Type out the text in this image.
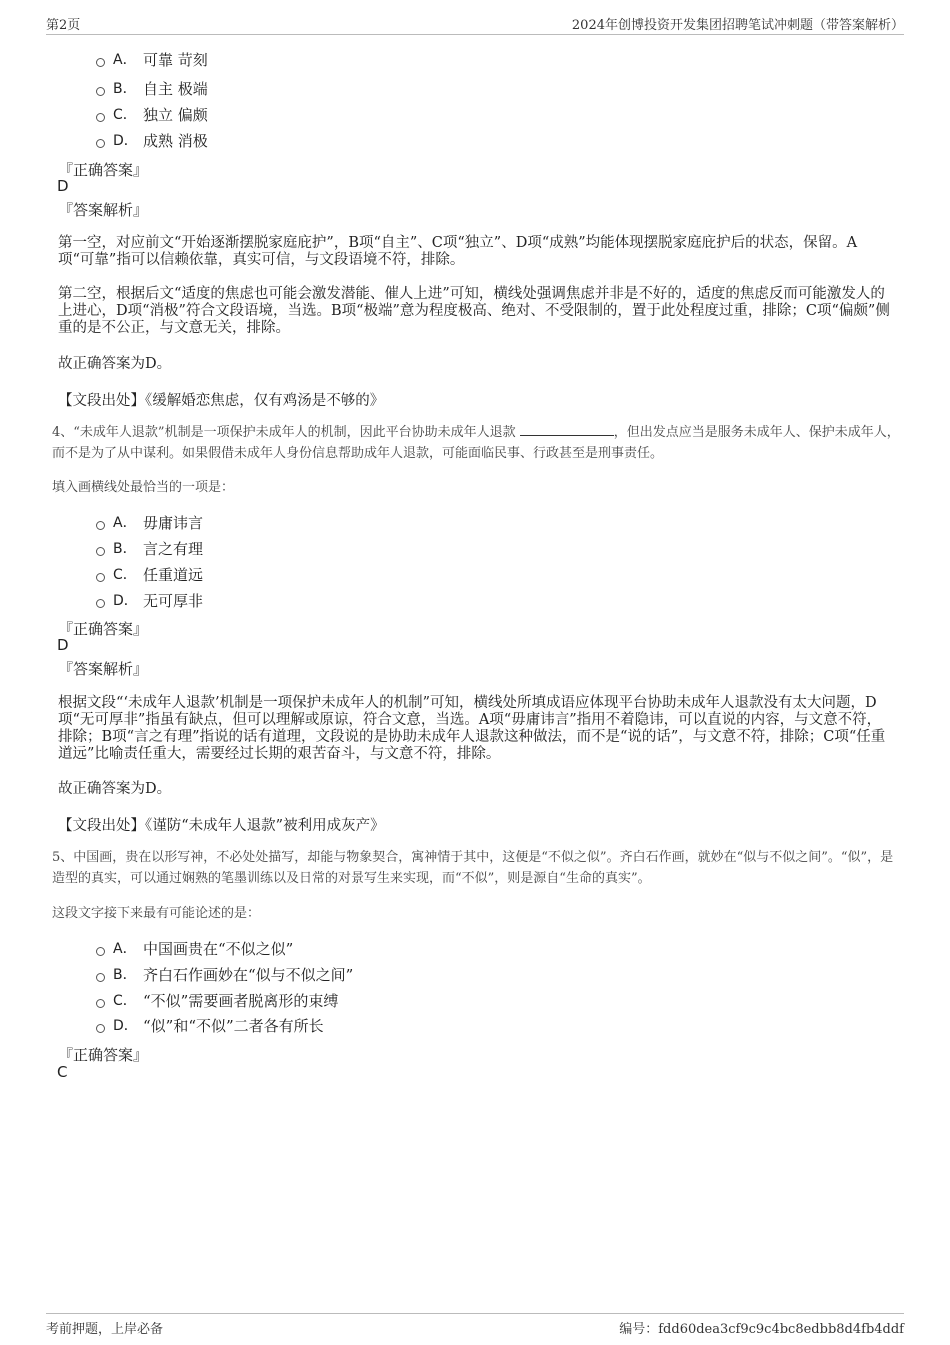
第2页	2024年创博投资开发集团招聘笔试冲刺题（带答案解析）
A． 可靠 苛刻
B． 自主 极端
C． 独立 偏颇
D． 成熟 消极
『正确答案』
D
『答案解析』
第一空，对应前文“开始逐渐摆脱家庭庇护”，B项“自主”、C项“独立”、D项“成熟”均能体现摆脱家庭庇护后的状态，保留。A项“可靠”指可以信赖依靠，真实可信，与文段语境不符，排除。
第二空，根据后文“适度的焦虑也可能会激发潜能、催人上进”可知，横线处强调焦虑并非是不好的，适度的焦虑反而可能激发人的上进心，D项“消极”符合文段语境，当选。B项“极端”意为程度极高、绝对、不受限制的，置于此处程度过重，排除；C项“偏颇”侧重的是不公正，与文意无关，排除。
故正确答案为D。
【文段出处】《缓解婚恋焦虑，仅有鸡汤是不够的》
4、“未成年人退款”机制是一项保护未成年人的机制，因此平台协助未成年人退款	，但出发点应当是服务未成年人、保护未成年人，而不是为了从中谋利。如果假借未成年人身份信息帮助成年人退款，可能面临民事、行政甚至是刑事责任。
填入画横线处最恰当的一项是：
A． 毋庸讳言
B． 言之有理
C． 任重道远
D． 无可厚非
『正确答案』
D
『答案解析』
根据文段“‘未成年人退款’机制是一项保护未成年人的机制”可知，横线处所填成语应体现平台协助未成年人退款没有太大问题，D项“无可厚非”指虽有缺点，但可以理解或原谅，符合文意，当选。A项“毋庸讳言”指用不着隐讳，可以直说的内容，与文意不符，排除；B项“言之有理”指说的话有道理，文段说的是协助未成年人退款这种做法，而不是“说的话”，与文意不符，排除；C项“任重道远”比喻责任重大，需要经过长期的艰苦奋斗，与文意不符，排除。
故正确答案为D。
【文段出处】《谨防“未成年人退款”被利用成灰产》
5、中国画，贵在以形写神，不必处处描写，却能与物象契合，寓神情于其中，这便是“不似之似”。齐白石作画，就妙在“似与不似之间”。“似”，是造型的真实，可以通过娴熟的笔墨训练以及日常的对景写生来实现，而“不似”，则是源自“生命的真实”。
这段文字接下来最有可能论述的是：
A． 中国画贵在“不似之似”
B． 齐白石作画妙在“似与不似之间”
C． “不似”需要画者脱离形的束缚
D． “似”和“不似”二者各有所长
『正确答案』
C
考前押题，上岸必备	编号：fdd60dea3cf9c9c4bc8edbb8d4fb4ddf
